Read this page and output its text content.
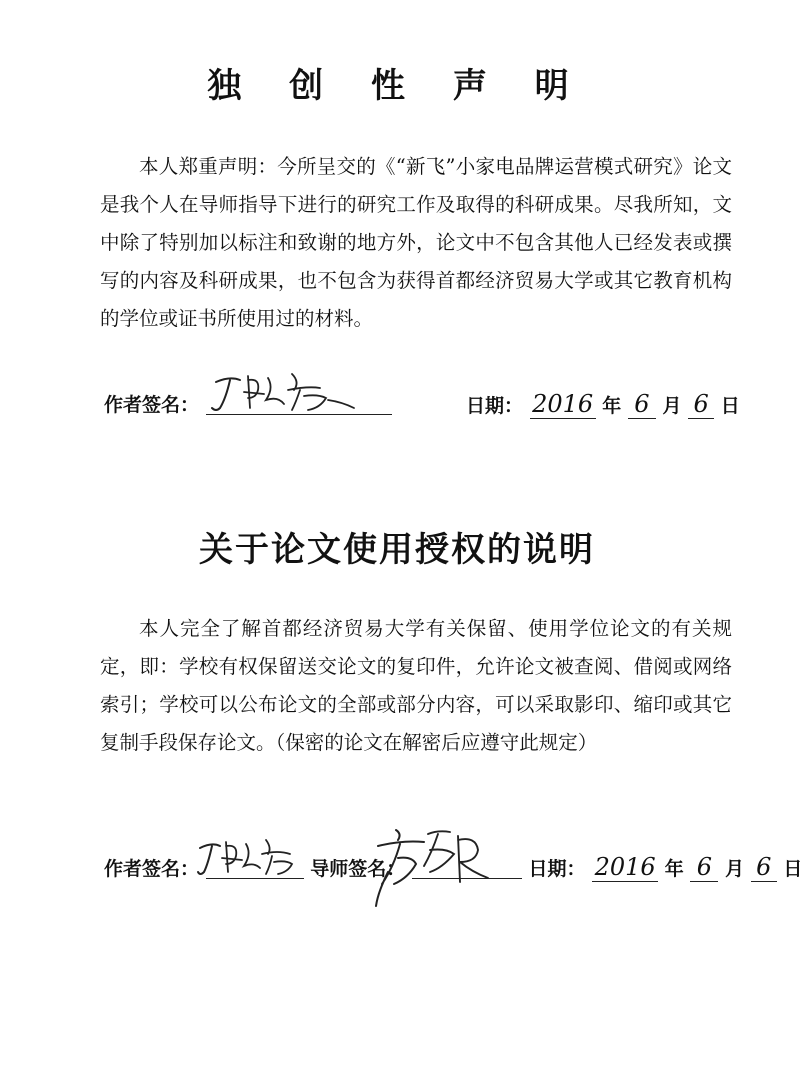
独 创 性 声 明
本人郑重声明：今所呈交的《“新飞”小家电品牌运营模式研究》论文是我个人在导师指导下进行的研究工作及取得的科研成果。尽我所知，文中除了特别加以标注和致谢的地方外，论文中不包含其他人已经发表或撰写的内容及科研成果，也不包含为获得首都经济贸易大学或其它教育机构的学位或证书所使用过的材料。
作者签名：	日期： 2016 年 6 月 6 日
关于论文使用授权的说明
本人完全了解首都经济贸易大学有关保留、使用学位论文的有关规定，即：学校有权保留送交论文的复印件，允许论文被查阅、借阅或网络索引；学校可以公布论文的全部或部分内容，可以采取影印、缩印或其它复制手段保存论文。（保密的论文在解密后应遵守此规定）
作者签名：	导师签名：	日期： 2016 年 6 月 6 日
